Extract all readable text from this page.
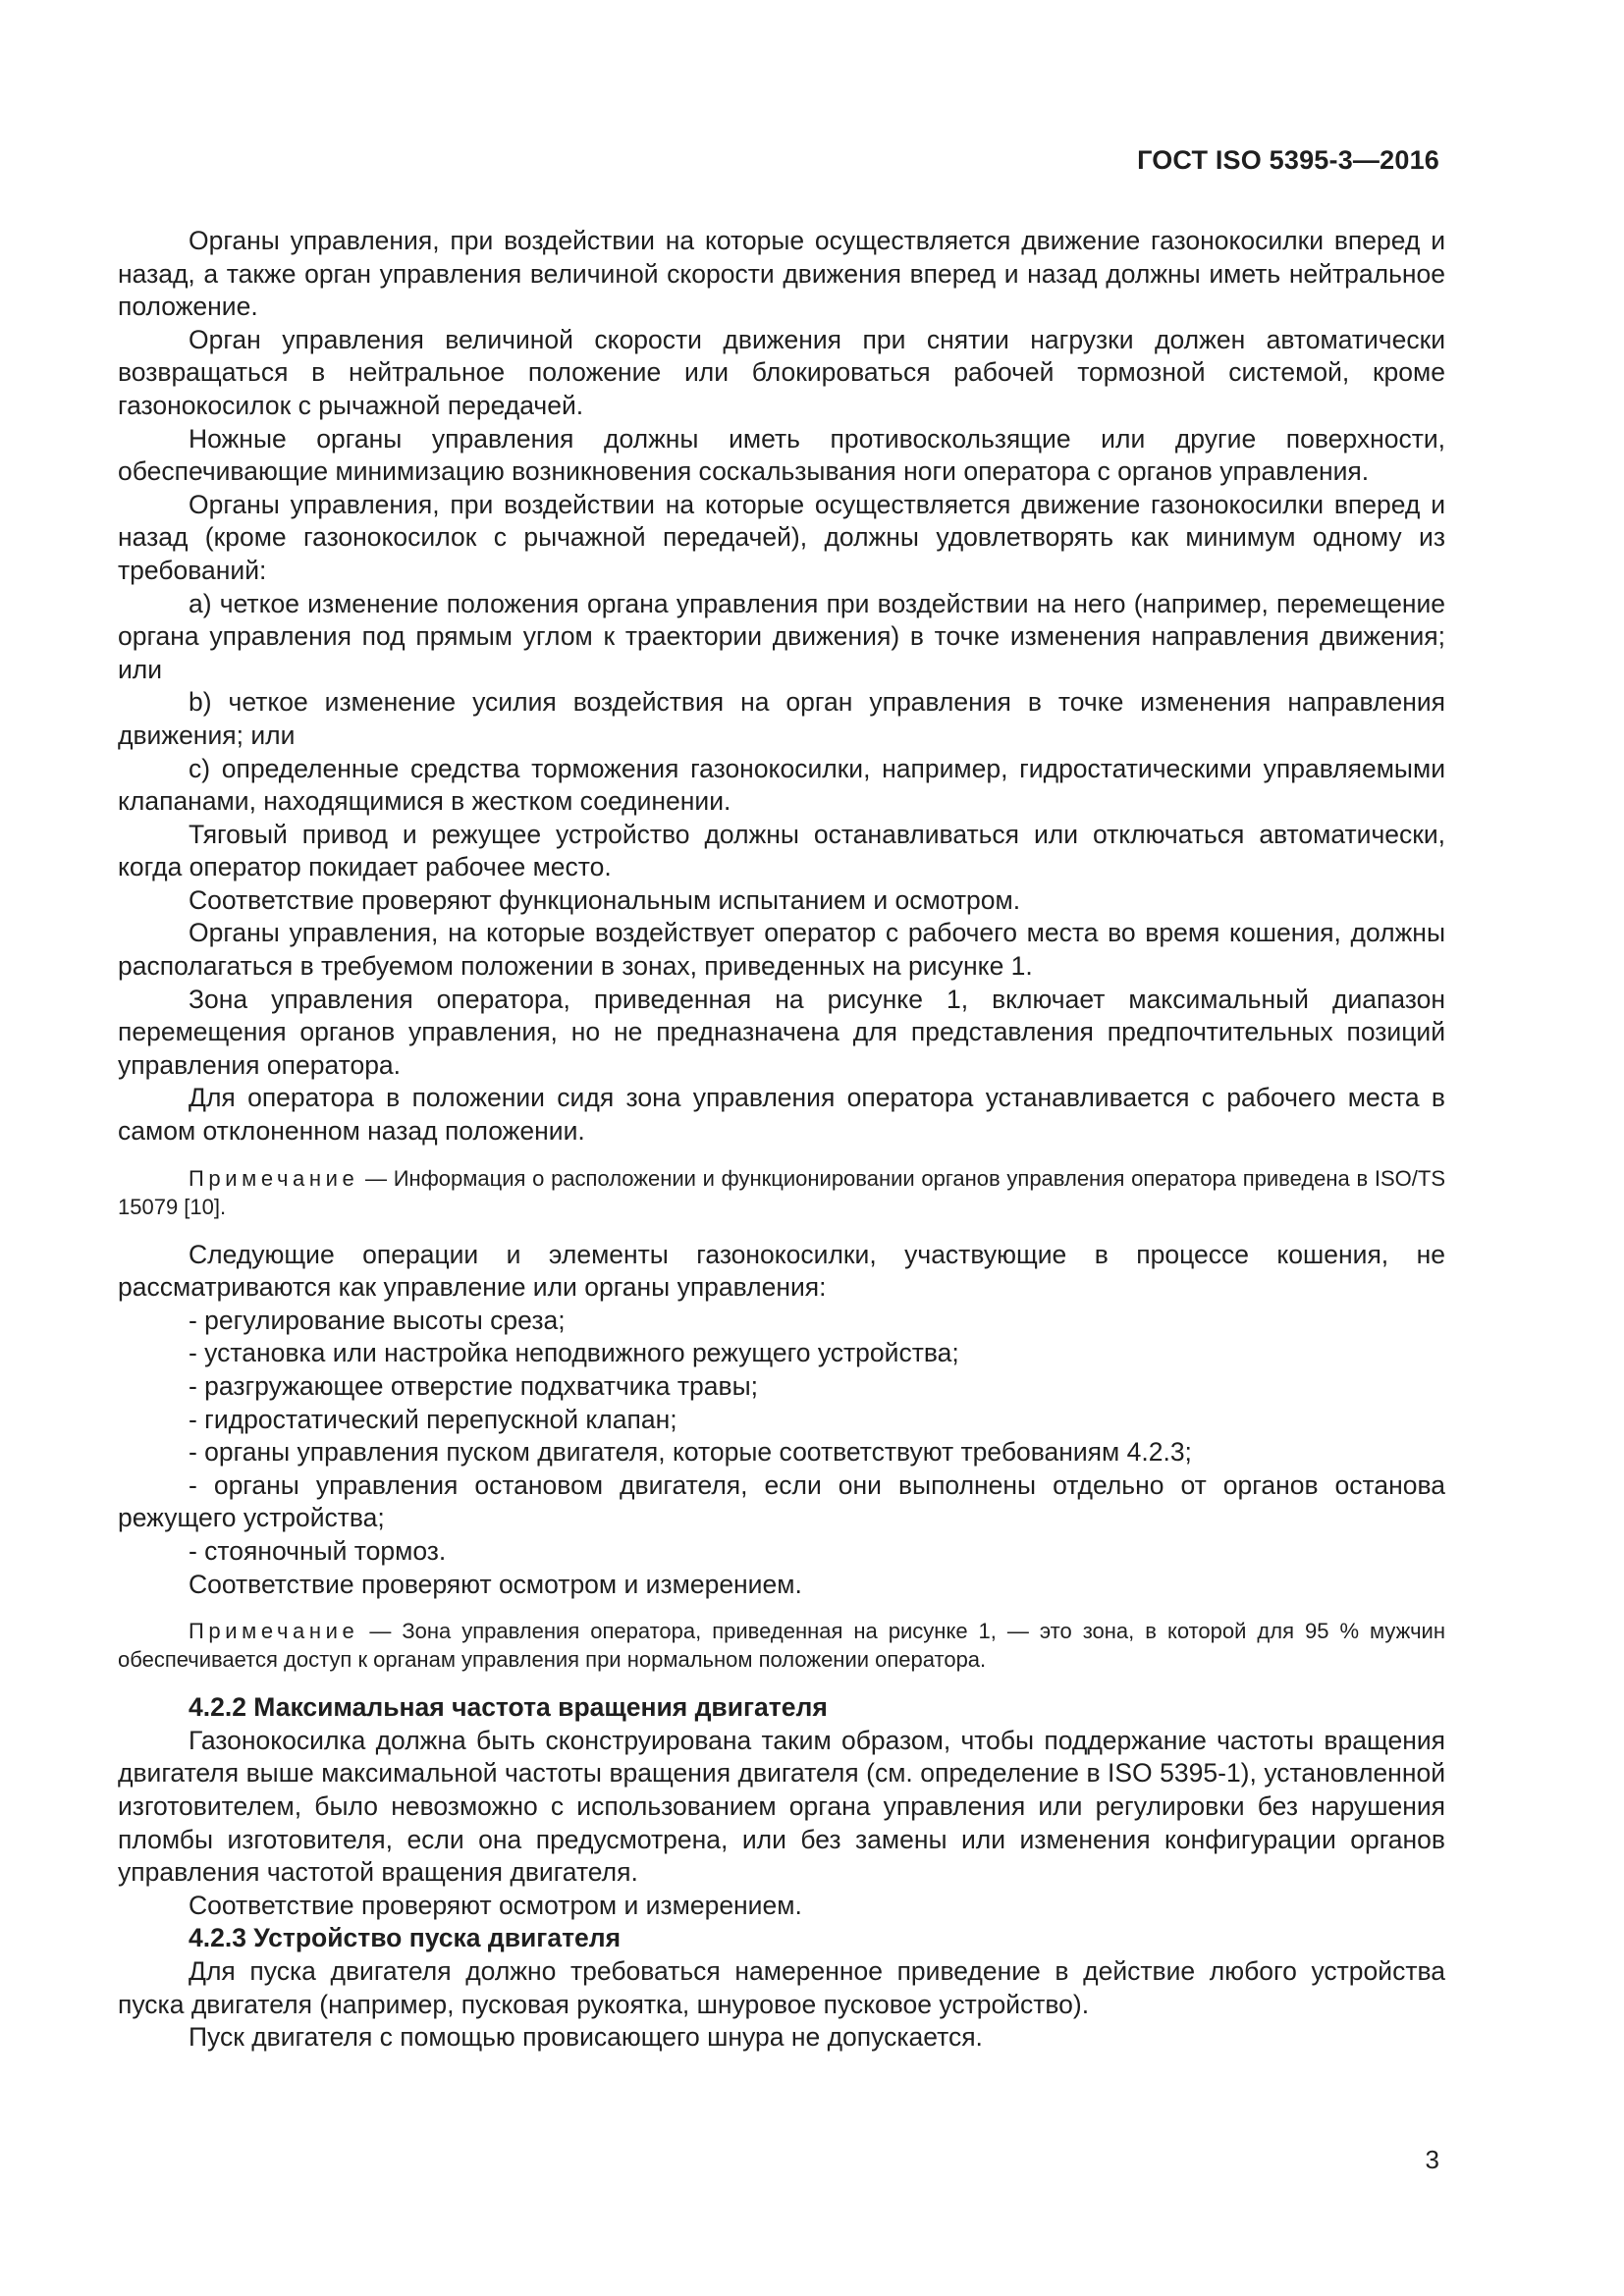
ГОСТ ISO 5395-3—2016

Органы управления, при воздействии на которые осуществляется движение газонокосилки вперед и назад, а также орган управления величиной скорости движения вперед и назад должны иметь нейтральное положение.

Орган управления величиной скорости движения при снятии нагрузки должен автоматически возвращаться в нейтральное положение или блокироваться рабочей тормозной системой, кроме газонокосилок с рычажной передачей.

Ножные органы управления должны иметь противоскользящие или другие поверхности, обеспечивающие минимизацию возникновения соскальзывания ноги оператора с органов управления.

Органы управления, при воздействии на которые осуществляется движение газонокосилки вперед и назад (кроме газонокосилок с рычажной передачей), должны удовлетворять как минимум одному из требований:

a) четкое изменение положения органа управления при воздействии на него (например, перемещение органа управления под прямым углом к траектории движения) в точке изменения направления движения; или

b) четкое изменение усилия воздействия на орган управления в точке изменения направления движения; или

c) определенные средства торможения газонокосилки, например, гидростатическими управляемыми клапанами, находящимися в жестком соединении.

Тяговый привод и режущее устройство должны останавливаться или отключаться автоматически, когда оператор покидает рабочее место.

Соответствие проверяют функциональным испытанием и осмотром.

Органы управления, на которые воздействует оператор с рабочего места во время кошения, должны располагаться в требуемом положении в зонах, приведенных на рисунке 1.

Зона управления оператора, приведенная на рисунке 1, включает максимальный диапазон перемещения органов управления, но не предназначена для представления предпочтительных позиций управления оператора.

Для оператора в положении сидя зона управления оператора устанавливается с рабочего места в самом отклоненном назад положении.

Примечание — Информация о расположении и функционировании органов управления оператора приведена в ISO/TS 15079 [10].

Следующие операции и элементы газонокосилки, участвующие в процессе кошения, не рассматриваются как управление или органы управления:

- регулирование высоты среза;

- установка или настройка неподвижного режущего устройства;

- разгружающее отверстие подхватчика травы;

- гидростатический перепускной клапан;

- органы управления пуском двигателя, которые соответствуют требованиям 4.2.3;

- органы управления остановом двигателя, если они выполнены отдельно от органов останова режущего устройства;

- стояночный тормоз.

Соответствие проверяют осмотром и измерением.

Примечание — Зона управления оператора, приведенная на рисунке 1, — это зона, в которой для 95 % мужчин обеспечивается доступ к органам управления при нормальном положении оператора.

4.2.2 Максимальная частота вращения двигателя

Газонокосилка должна быть сконструирована таким образом, чтобы поддержание частоты вращения двигателя выше максимальной частоты вращения двигателя (см. определение в ISO 5395-1), установленной изготовителем, было невозможно с использованием органа управления или регулировки без нарушения пломбы изготовителя, если она предусмотрена, или без замены или изменения конфигурации органов управления частотой вращения двигателя.

Соответствие проверяют осмотром и измерением.

4.2.3 Устройство пуска двигателя

Для пуска двигателя должно требоваться намеренное приведение в действие любого устройства пуска двигателя (например, пусковая рукоятка, шнуровое пусковое устройство).

Пуск двигателя с помощью провисающего шнура не допускается.

3
